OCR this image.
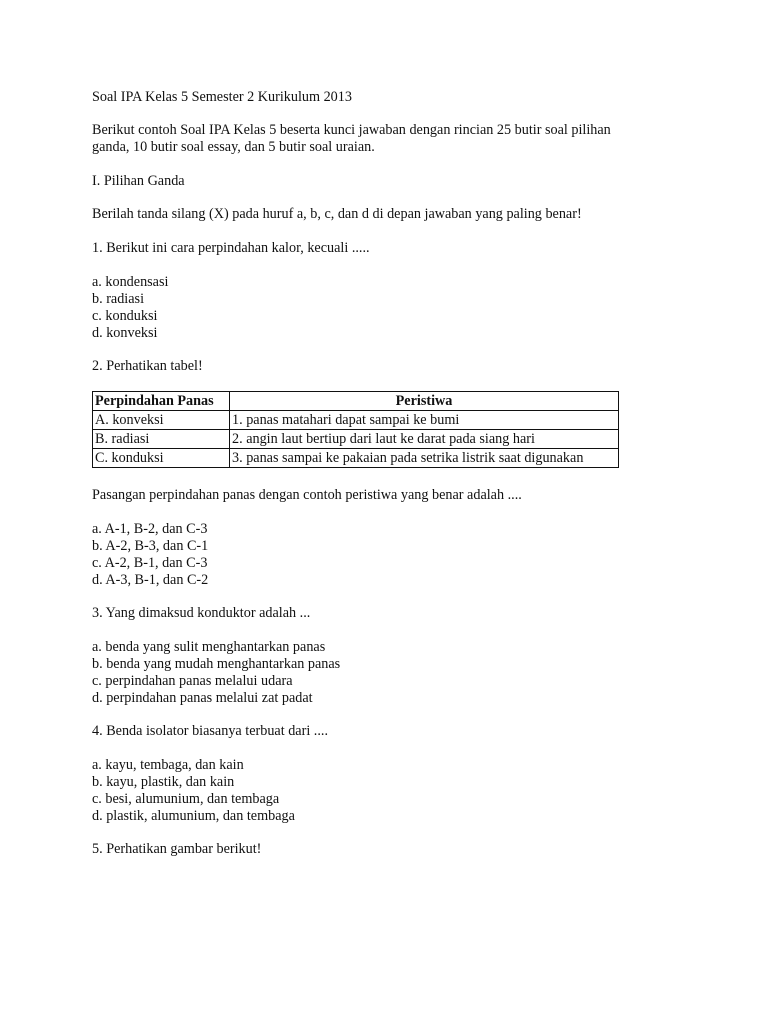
Soal IPA Kelas 5 Semester 2 Kurikulum 2013
Berikut contoh Soal IPA Kelas 5 beserta kunci jawaban dengan rincian 25 butir soal pilihan
ganda, 10 butir soal essay, dan 5 butir soal uraian.
I. Pilihan Ganda
Berilah tanda silang (X) pada huruf a, b, c, dan d di depan jawaban yang paling benar!
1. Berikut ini cara perpindahan kalor, kecuali .....
a. kondensasi
b. radiasi
c. konduksi
d. konveksi
2. Perhatikan tabel!
Perpindahan Panas	Peristiwa
A. konveksi	1. panas matahari dapat sampai ke bumi
B. radiasi	2. angin laut bertiup dari laut ke darat pada siang hari
C. konduksi	3. panas sampai ke pakaian pada setrika listrik saat digunakan
Pasangan perpindahan panas dengan contoh peristiwa yang benar adalah ....
a. A-1, B-2, dan C-3
b. A-2, B-3, dan C-1
c. A-2, B-1, dan C-3
d. A-3, B-1, dan C-2
3. Yang dimaksud konduktor adalah ...
a. benda yang sulit menghantarkan panas
b. benda yang mudah menghantarkan panas
c. perpindahan panas melalui udara
d. perpindahan panas melalui zat padat
4. Benda isolator biasanya terbuat dari ....
a. kayu, tembaga, dan kain
b. kayu, plastik, dan kain
c. besi, alumunium, dan tembaga
d. plastik, alumunium, dan tembaga
5. Perhatikan gambar berikut!
